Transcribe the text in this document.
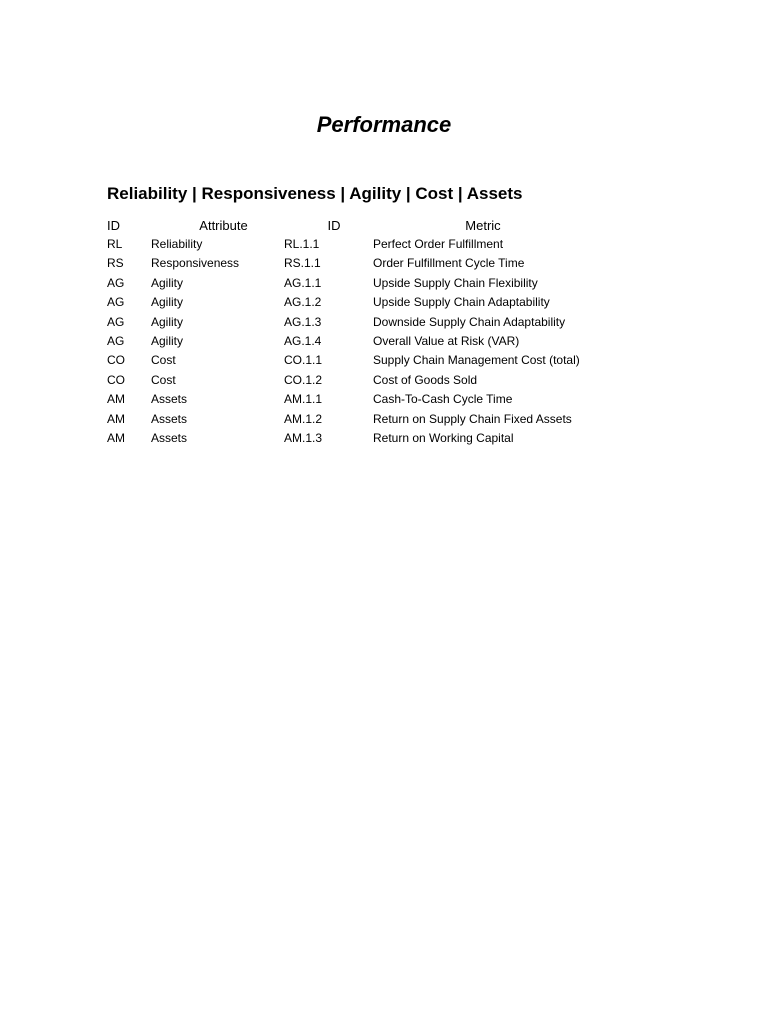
Performance
Reliability | Responsiveness | Agility | Cost | Assets
ID	Attribute	ID	Metric
RL Reliability	RL.1.1	Perfect Order Fulfillment
RS Responsiveness	RS.1.1	Order Fulfillment Cycle Time
AG Agility	AG.1.1	Upside Supply Chain Flexibility
AG Agility	AG.1.2	Upside Supply Chain Adaptability
AG Agility	AG.1.3	Downside Supply Chain Adaptability
AG Agility	AG.1.4	Overall Value at Risk (VAR)
CO Cost	CO.1.1	Supply Chain Management Cost (total)
CO Cost	CO.1.2	Cost of Goods Sold
AM Assets	AM.1.1	Cash-To-Cash Cycle Time
AM Assets	AM.1.2	Return on Supply Chain Fixed Assets
AM Assets	AM.1.3	Return on Working Capital
